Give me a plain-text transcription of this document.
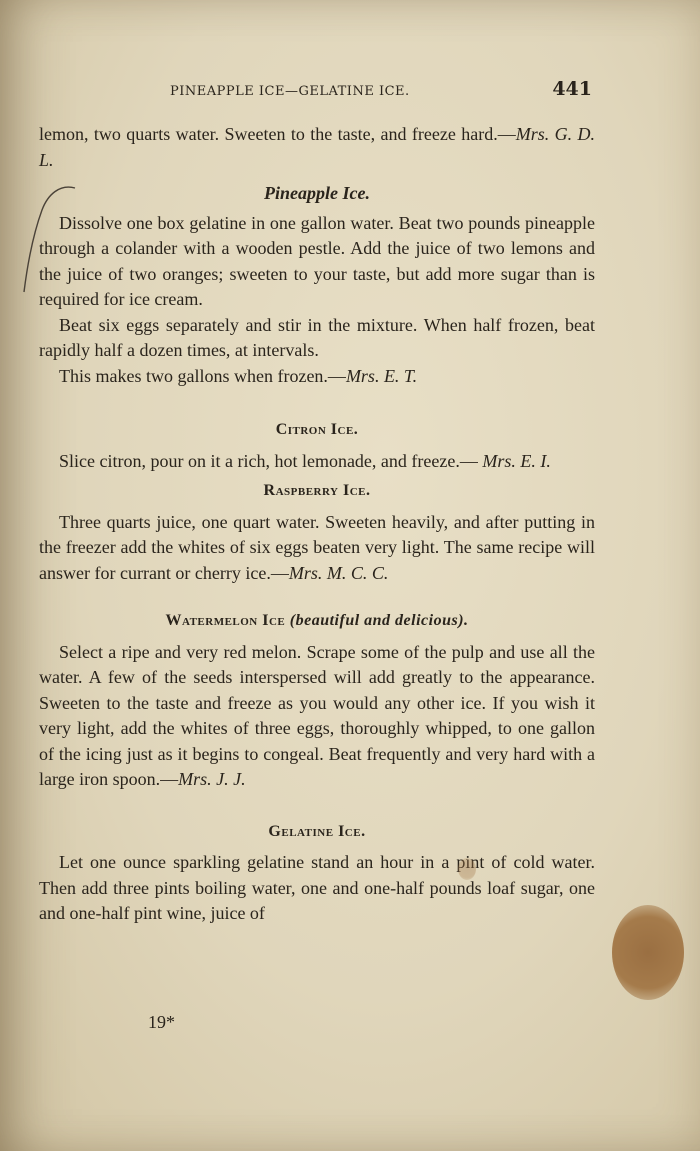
PINEAPPLE ICE—GELATINE ICE.	441

lemon, two quarts water. Sweeten to the taste, and freeze hard.—Mrs. G. D. L.

Pineapple Ice.

Dissolve one box gelatine in one gallon water. Beat two pounds pineapple through a colander with a wooden pestle. Add the juice of two lemons and the juice of two oranges; sweeten to your taste, but add more sugar than is required for ice cream.

Beat six eggs separately and stir in the mixture. When half frozen, beat rapidly half a dozen times, at intervals.

This makes two gallons when frozen.—Mrs. E. T.

Citron Ice.

Slice citron, pour on it a rich, hot lemonade, and freeze.— Mrs. E. I.

Raspberry Ice.

Three quarts juice, one quart water. Sweeten heavily, and after putting in the freezer add the whites of six eggs beaten very light. The same recipe will answer for currant or cherry ice.—Mrs. M. C. C.

Watermelon Ice (beautiful and delicious).

Select a ripe and very red melon. Scrape some of the pulp and use all the water. A few of the seeds interspersed will add greatly to the appearance. Sweeten to the taste and freeze as you would any other ice. If you wish it very light, add the whites of three eggs, thoroughly whipped, to one gallon of the icing just as it begins to congeal. Beat frequently and very hard with a large iron spoon.—Mrs. J. J.

Gelatine Ice.

Let one ounce sparkling gelatine stand an hour in a pint of cold water. Then add three pints boiling water, one and one-half pounds loaf sugar, one and one-half pint wine, juice of

19*
